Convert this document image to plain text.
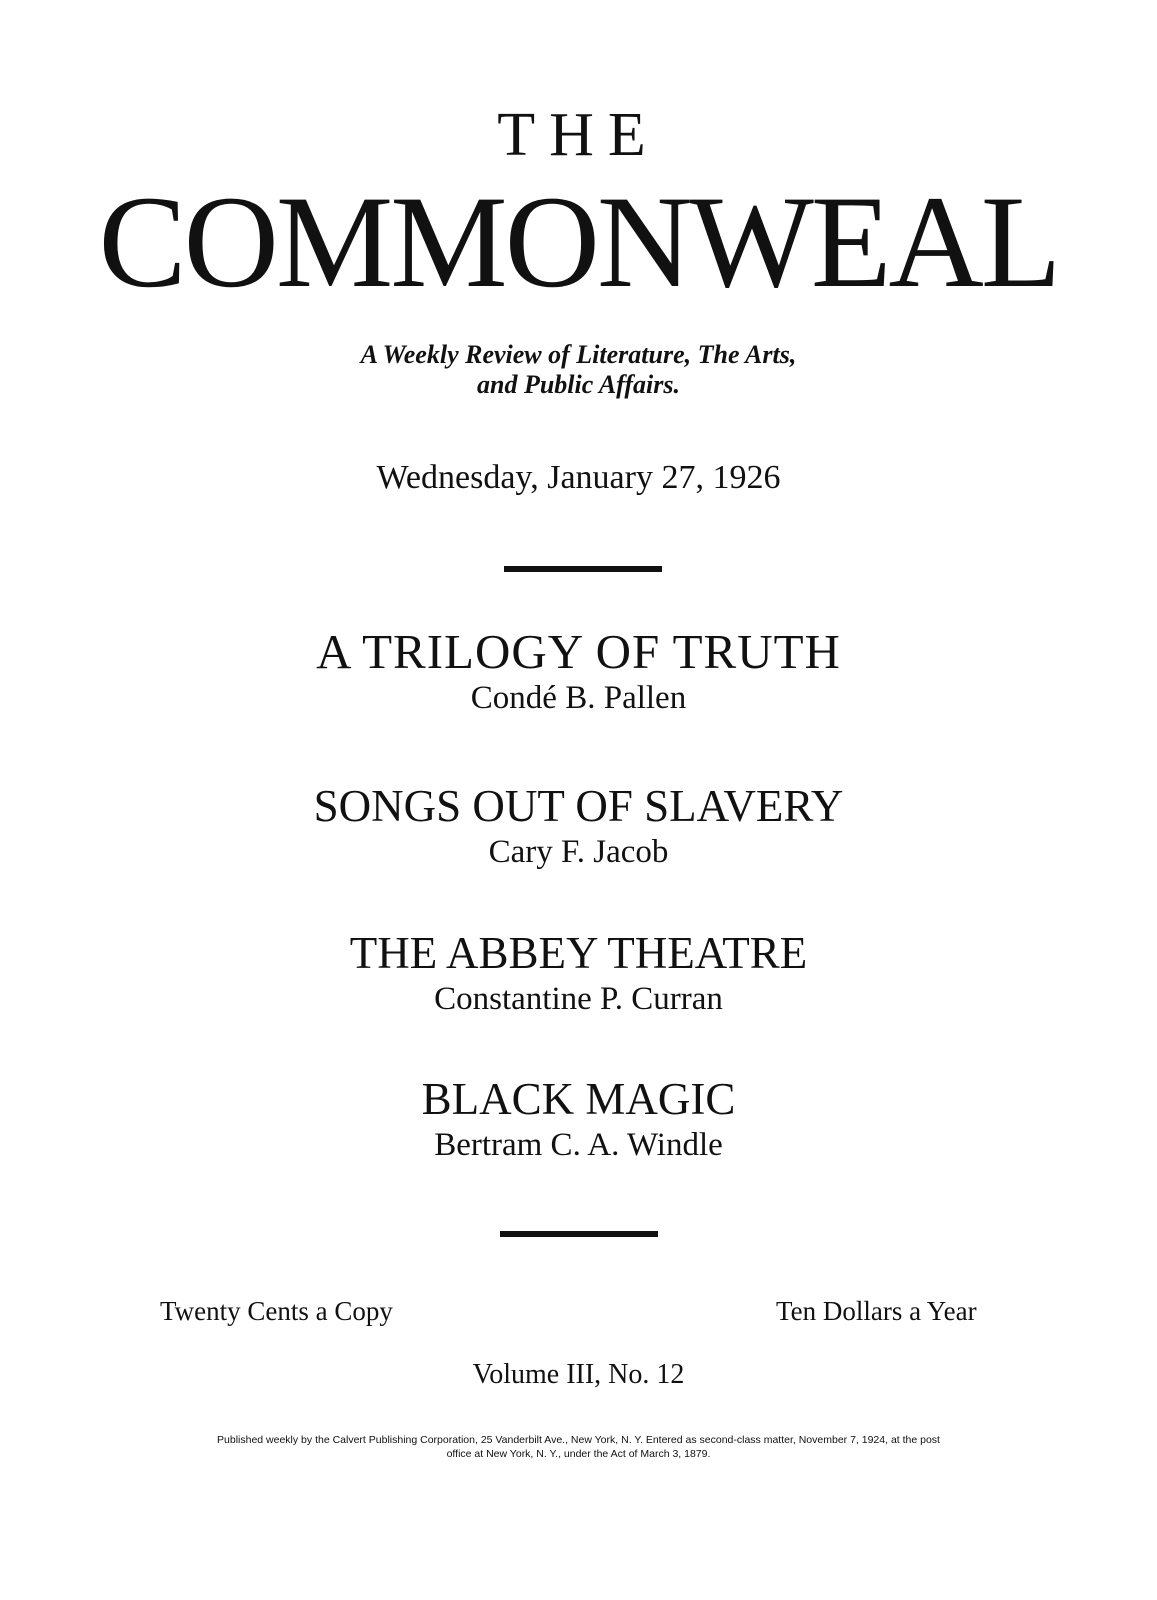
THE
COMMONWEAL
A Weekly Review of Literature, The Arts,
and Public Affairs.
Wednesday, January 27, 1926
A TRILOGY OF TRUTH
Condé B. Pallen
SONGS OUT OF SLAVERY
Cary F. Jacob
THE ABBEY THEATRE
Constantine P. Curran
BLACK MAGIC
Bertram C. A. Windle
Twenty Cents a Copy	Ten Dollars a Year
Volume III, No. 12
Published weekly by the Calvert Publishing Corporation, 25 Vanderbilt Ave., New York, N. Y. Entered as second-class matter, November 7, 1924, at the post
office at New York, N. Y., under the Act of March 3, 1879.
